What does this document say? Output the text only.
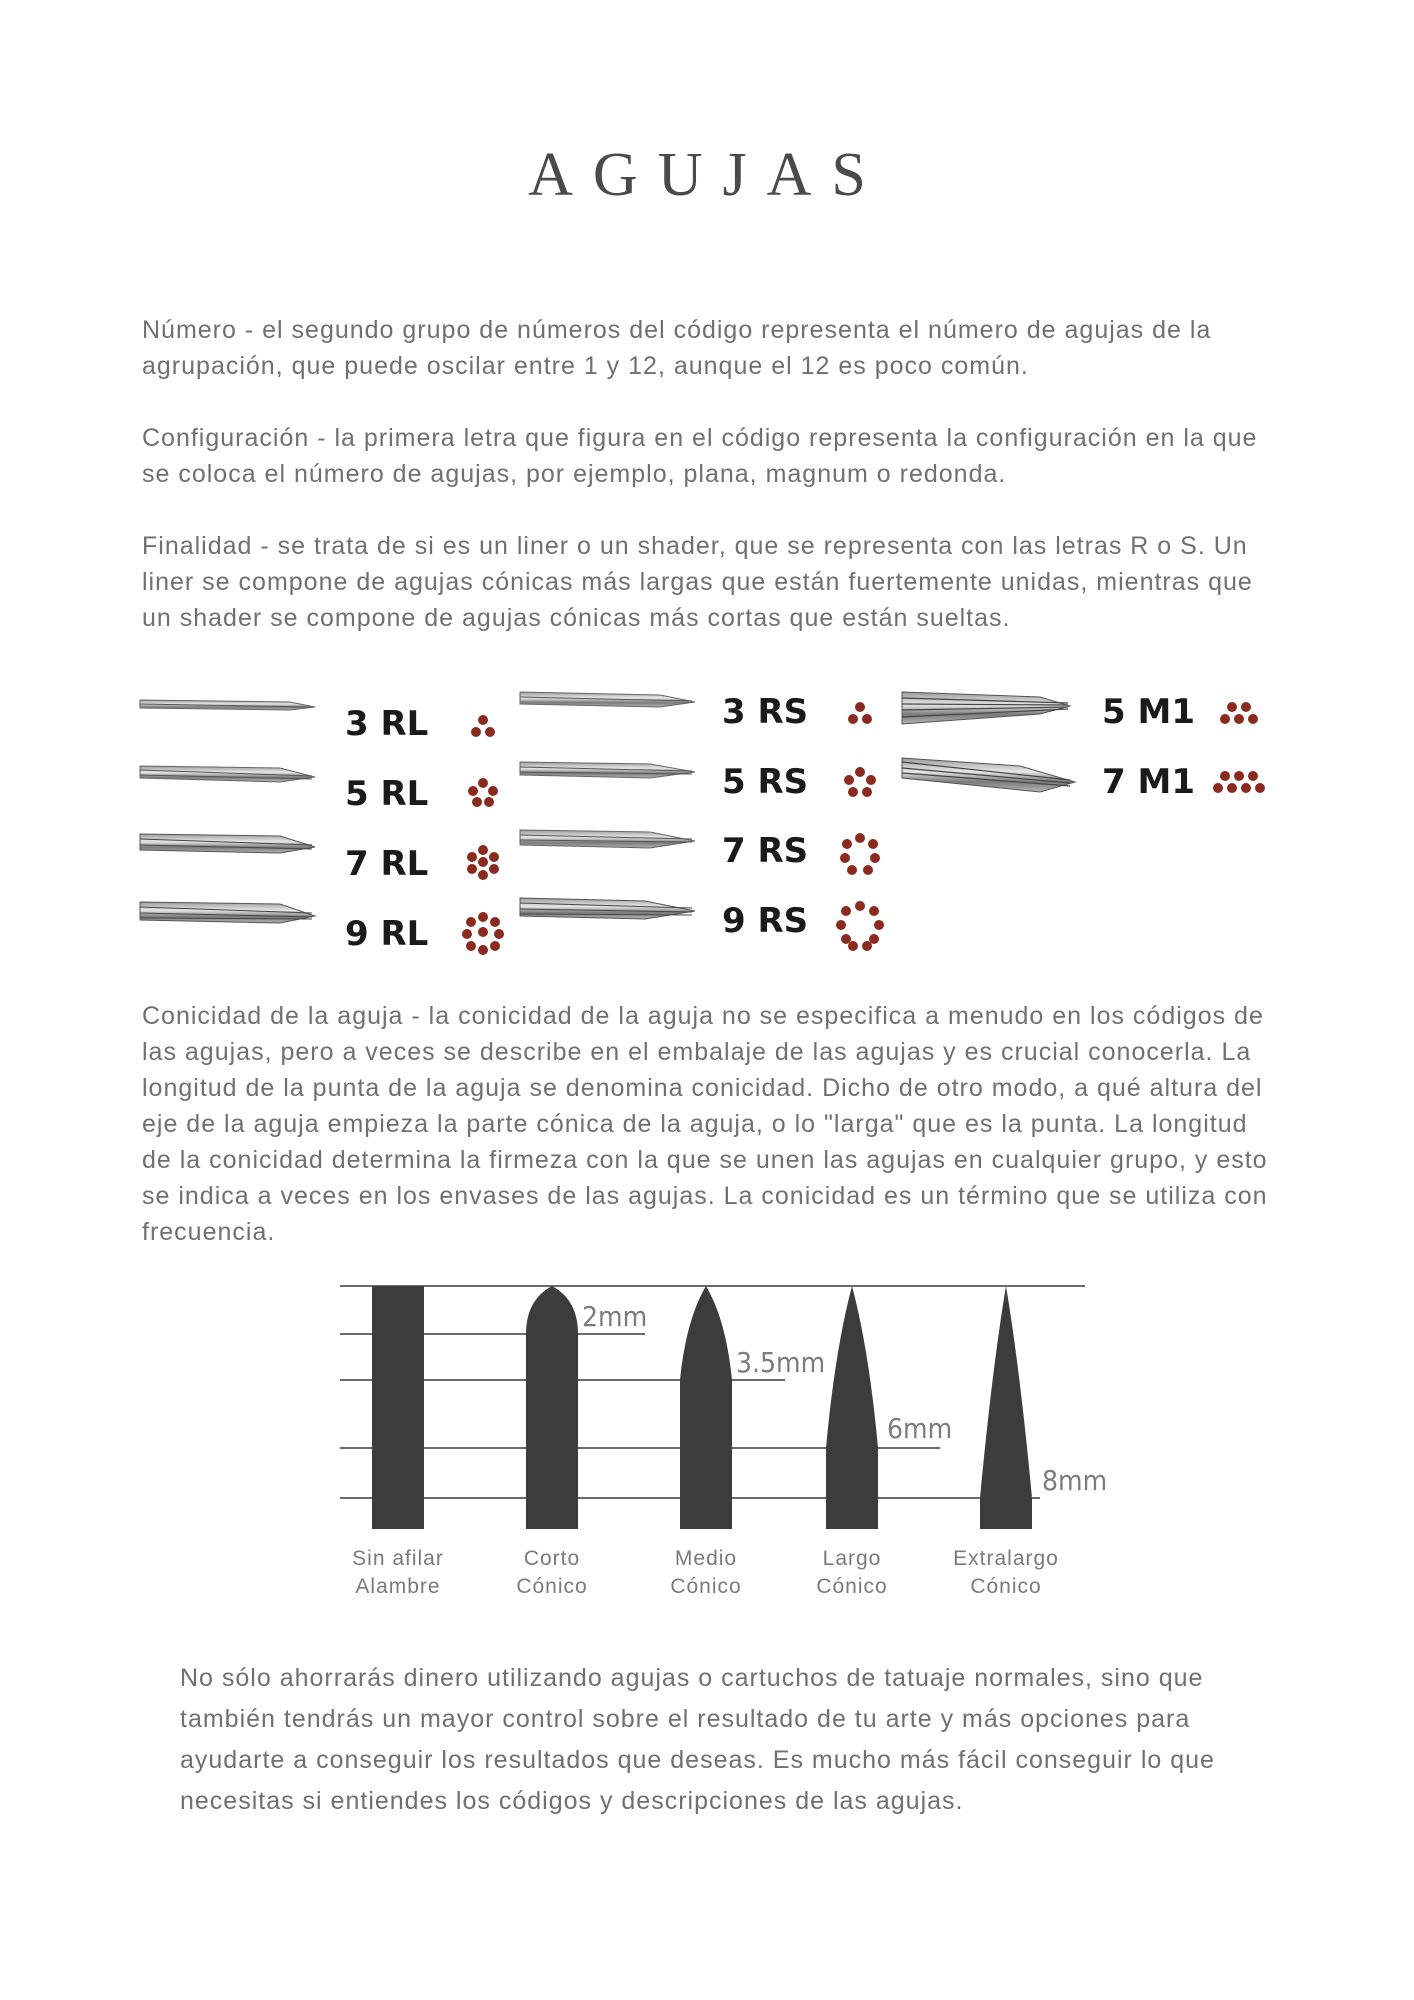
AGUJAS

Número - el segundo grupo de números del código representa el número de agujas de la agrupación, que puede oscilar entre 1 y 12, aunque el 12 es poco común.

Configuración - la primera letra que figura en el código representa la configuración en la que se coloca el número de agujas, por ejemplo, plana, magnum o redonda.

Finalidad - se trata de si es un liner o un shader, que se representa con las letras R o S. Un liner se compone de agujas cónicas más largas que están fuertemente unidas, mientras que un shader se compone de agujas cónicas más cortas que están sueltas.

3 RL
5 RL
7 RL
9 RL
3 RS
5 RS
7 RS
9 RS
5 M1
7 M1

Conicidad de la aguja - la conicidad de la aguja no se especifica a menudo en los códigos de las agujas, pero a veces se describe en el embalaje de las agujas y es crucial conocerla. La longitud de la punta de la aguja se denomina conicidad. Dicho de otro modo, a qué altura del eje de la aguja empieza la parte cónica de la aguja, o lo "larga" que es la punta. La longitud de la conicidad determina la firmeza con la que se unen las agujas en cualquier grupo, y esto se indica a veces en los envases de las agujas. La conicidad es un término que se utiliza con frecuencia.

2mm
3.5mm
6mm
8mm
Sin afilar
Alambre
Corto
Cónico
Medio
Cónico
Largo
Cónico
Extralargo
Cónico

No sólo ahorrarás dinero utilizando agujas o cartuchos de tatuaje normales, sino que también tendrás un mayor control sobre el resultado de tu arte y más opciones para ayudarte a conseguir los resultados que deseas. Es mucho más fácil conseguir lo que necesitas si entiendes los códigos y descripciones de las agujas.
